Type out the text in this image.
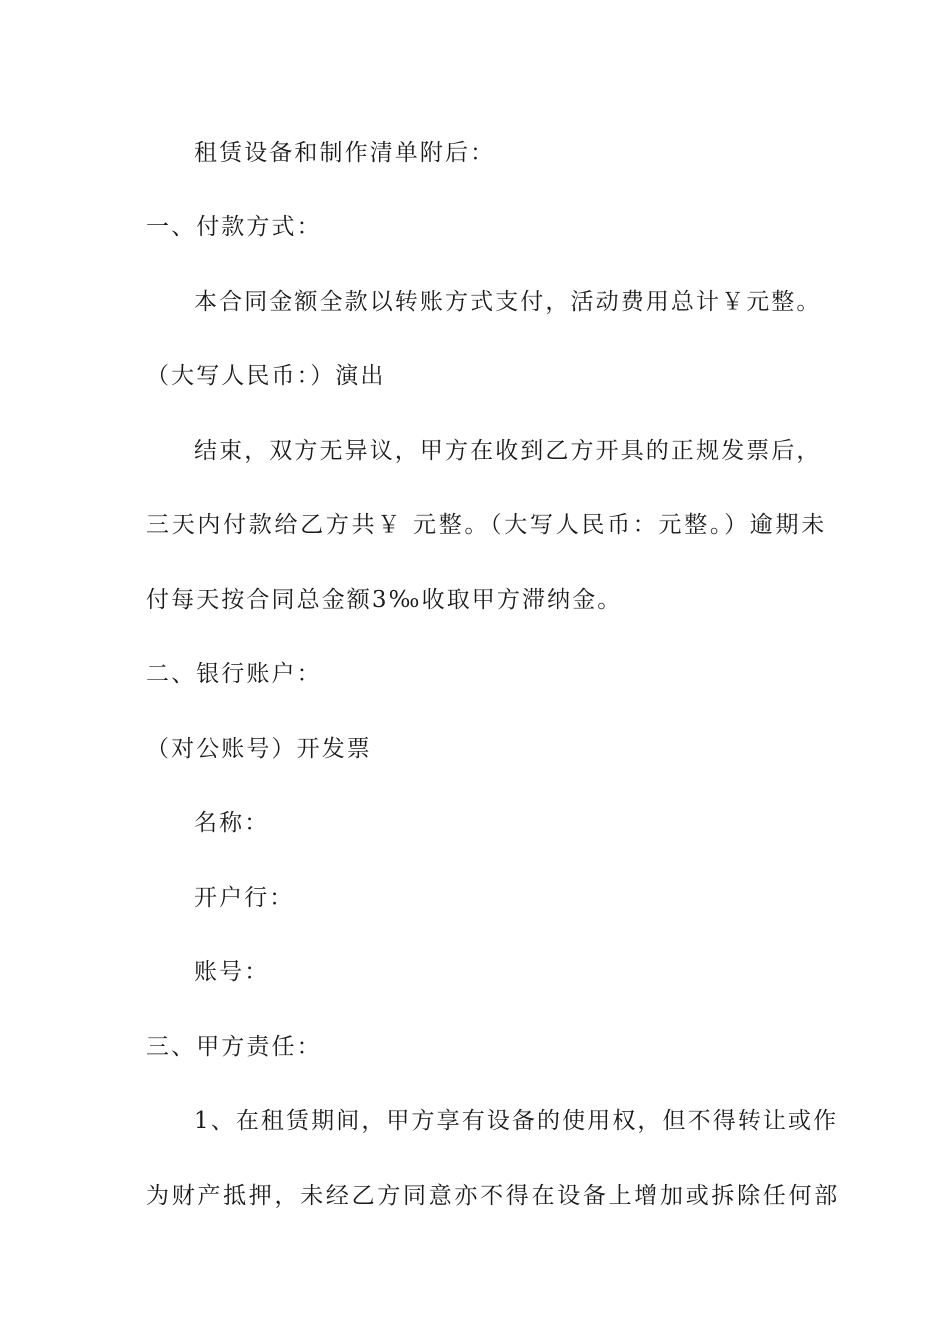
租赁设备和制作清单附后：
一、付款方式：
本合同金额全款以转账方式支付，活动费用总计￥元整。
（大写人民币：）演出
结束，双方无异议，甲方在收到乙方开具的正规发票后，
三天内付款给乙方共￥ 元整。（大写人民币：元整。）逾期未
付每天按合同总金额3‰收取甲方滞纳金。
二、银行账户：
（对公账号）开发票
名称：
开户行：
账号：
三、甲方责任：
1、在租赁期间，甲方享有设备的使用权，但不得转让或作
为财产抵押，未经乙方同意亦不得在设备上增加或拆除任何部
